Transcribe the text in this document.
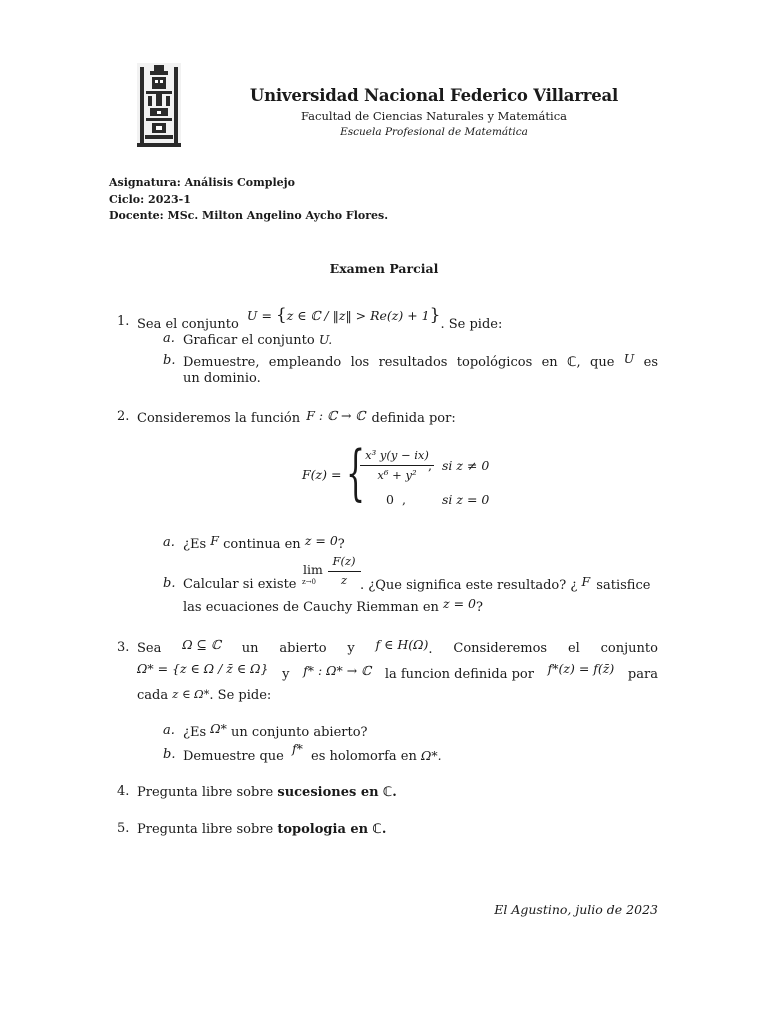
Universidad Nacional Federico Villarreal
Facultad de Ciencias Naturales y Matemática
Escuela Profesional de Matemática
Asignatura: Análisis Complejo
Ciclo: 2023-1
Docente: MSc. Milton Angelino Aycho Flores.
Examen Parcial
1. Sea el conjunto U = {z ∈ ℂ / ‖z‖ > Re(z) + 1}. Se pide:
a. Graficar el conjunto U.
b. Demuestre, empleando los resultados topológicos en ℂ, que U es
un dominio.
2. Consideremos la función F : ℂ → ℂ definida por:
F(z) = { x³ y(y − ix)
x⁶ + y²
, si z ≠ 0
0 ,	si z = 0
a. ¿Es F continua en z = 0?
b. Calcular si existe
lim
z→0
F(z)
z . ¿Que significa este resultado? ¿ F satisfice
las ecuaciones de Cauchy Riemman en z = 0?
3. Sea Ω ⊆ ℂ un abierto y f ∈ H(Ω). Consideremos el conjunto
Ω* = {z ∈ Ω / z̄ ∈ Ω} y f* : Ω* → ℂ la funcion definida por f*(z) = f(z̄) para
cada z ∈ Ω*. Se pide:
a. ¿Es Ω* un conjunto abierto?
b. Demuestre que f* es holomorfa en Ω*.
4. Pregunta libre sobre sucesiones en ℂ.
5. Pregunta libre sobre topologia en ℂ.
El Agustino, julio de 2023
